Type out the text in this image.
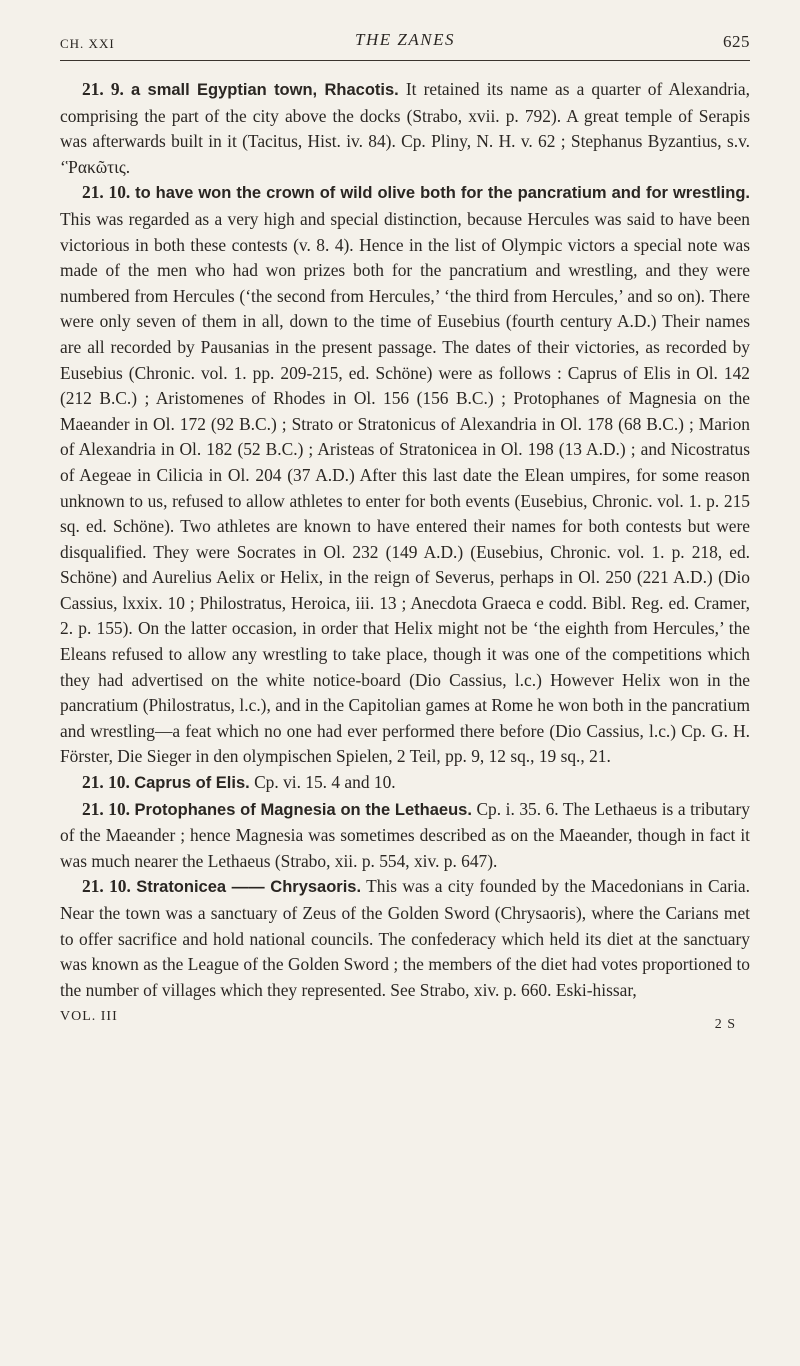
CH. XXI	THE ZANES	625

21. 9. a small Egyptian town, Rhacotis. It retained its name as a quarter of Alexandria, comprising the part of the city above the docks (Strabo, xvii. p. 792). A great temple of Serapis was afterwards built in it (Tacitus, Hist. iv. 84). Cp. Pliny, N. H. v. 62 ; Stephanus Byzantius, s.v. ‘Ῥακῶτις.

21. 10. to have won the crown of wild olive both for the pancratium and for wrestling. This was regarded as a very high and special distinction, because Hercules was said to have been victorious in both these contests (v. 8. 4). Hence in the list of Olympic victors a special note was made of the men who had won prizes both for the pancratium and wrestling, and they were numbered from Hercules (‘the second from Hercules,’ ‘the third from Hercules,’ and so on). There were only seven of them in all, down to the time of Eusebius (fourth century A.D.) Their names are all recorded by Pausanias in the present passage. The dates of their victories, as recorded by Eusebius (Chronic. vol. 1. pp. 209-215, ed. Schöne) were as follows : Caprus of Elis in Ol. 142 (212 B.C.) ; Aristomenes of Rhodes in Ol. 156 (156 B.C.) ; Protophanes of Magnesia on the Maeander in Ol. 172 (92 B.C.) ; Strato or Stratonicus of Alexandria in Ol. 178 (68 B.C.) ; Marion of Alexandria in Ol. 182 (52 B.C.) ; Aristeas of Stratonicea in Ol. 198 (13 A.D.) ; and Nicostratus of Aegeae in Cilicia in Ol. 204 (37 A.D.) After this last date the Elean umpires, for some reason unknown to us, refused to allow athletes to enter for both events (Eusebius, Chronic. vol. 1. p. 215 sq. ed. Schöne). Two athletes are known to have entered their names for both contests but were disqualified. They were Socrates in Ol. 232 (149 A.D.) (Eusebius, Chronic. vol. 1. p. 218, ed. Schöne) and Aurelius Aelix or Helix, in the reign of Severus, perhaps in Ol. 250 (221 A.D.) (Dio Cassius, lxxix. 10 ; Philostratus, Heroica, iii. 13 ; Anecdota Graeca e codd. Bibl. Reg. ed. Cramer, 2. p. 155). On the latter occasion, in order that Helix might not be ‘the eighth from Hercules,’ the Eleans refused to allow any wrestling to take place, though it was one of the competitions which they had advertised on the white notice-board (Dio Cassius, l.c.) However Helix won in the pancratium (Philostratus, l.c.), and in the Capitolian games at Rome he won both in the pancratium and wrestling—a feat which no one had ever performed there before (Dio Cassius, l.c.) Cp. G. H. Förster, Die Sieger in den olympischen Spielen, 2 Teil, pp. 9, 12 sq., 19 sq., 21.

21. 10. Caprus of Elis. Cp. vi. 15. 4 and 10.

21. 10. Protophanes of Magnesia on the Lethaeus. Cp. i. 35. 6. The Lethaeus is a tributary of the Maeander ; hence Magnesia was sometimes described as on the Maeander, though in fact it was much nearer the Lethaeus (Strabo, xii. p. 554, xiv. p. 647).

21. 10. Stratonicea —— Chrysaoris. This was a city founded by the Macedonians in Caria. Near the town was a sanctuary of Zeus of the Golden Sword (Chrysaoris), where the Carians met to offer sacrifice and hold national councils. The confederacy which held its diet at the sanctuary was known as the League of the Golden Sword ; the members of the diet had votes proportioned to the number of villages which they represented. See Strabo, xiv. p. 660. Eski-hissar,

VOL. III
2 S
